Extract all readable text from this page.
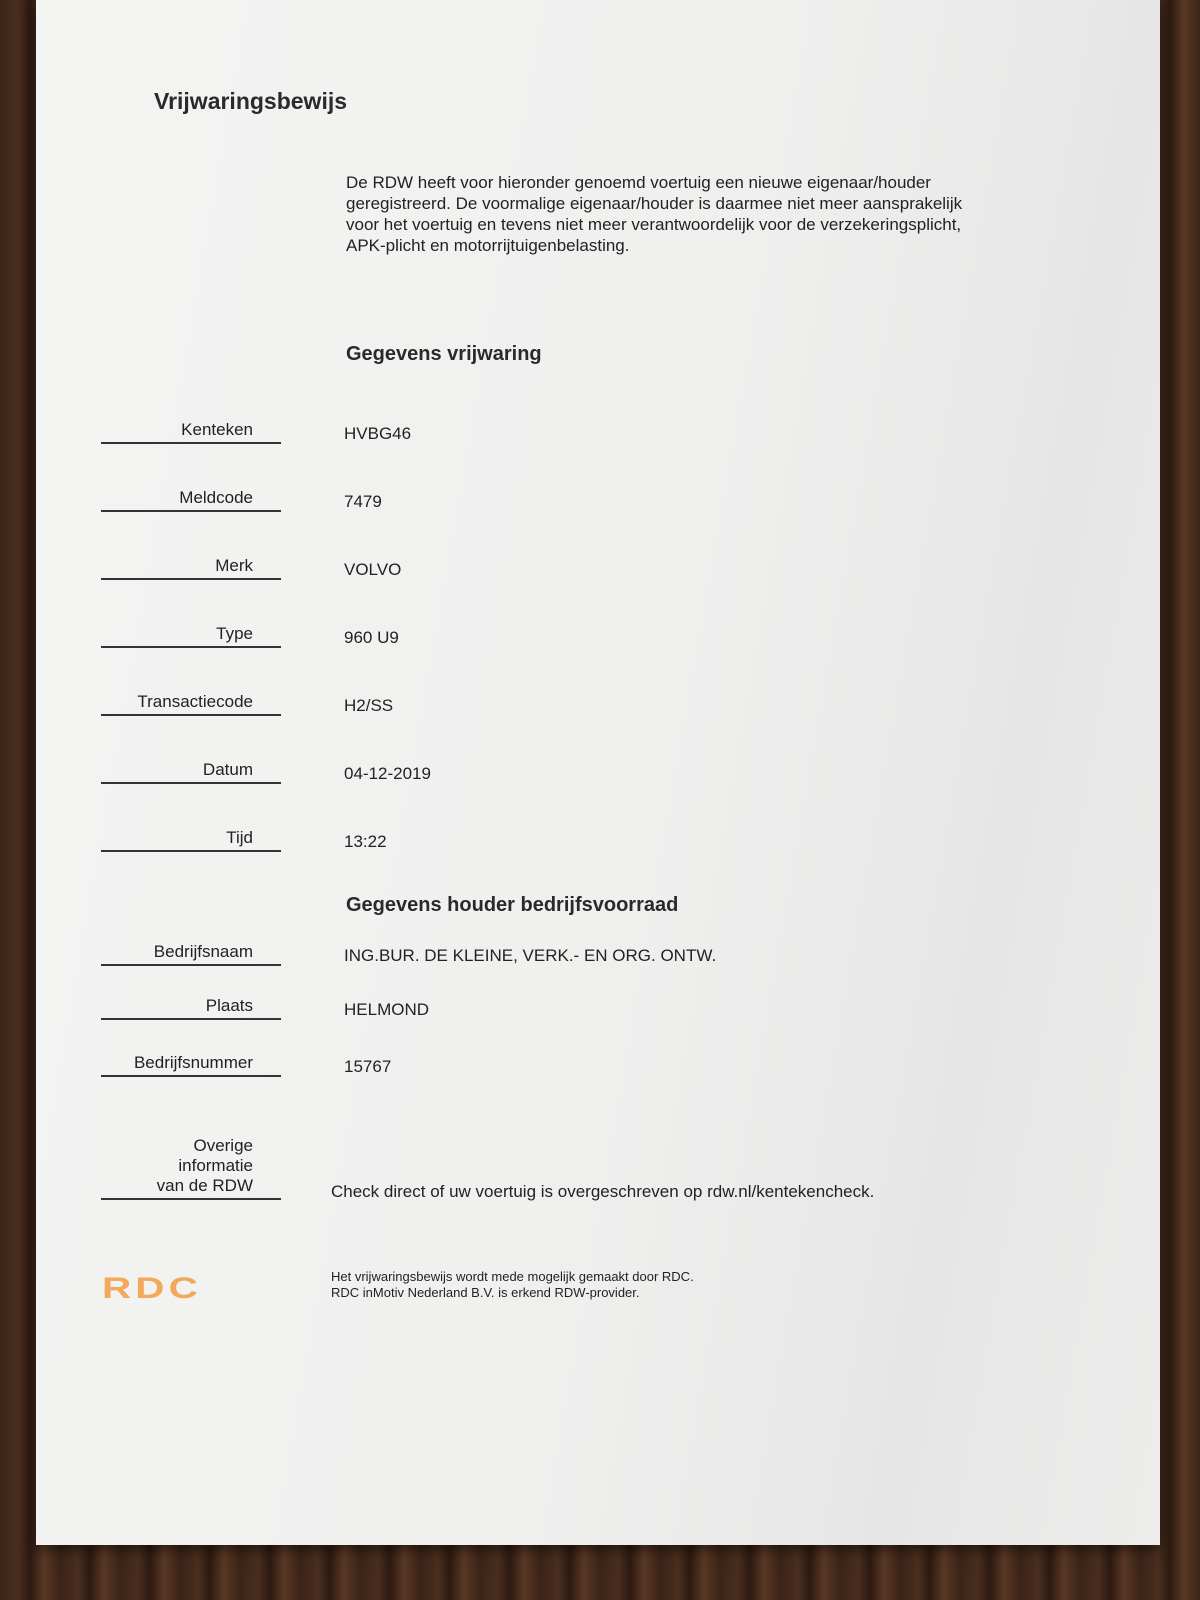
Vrijwaringsbewijs
De RDW heeft voor hieronder genoemd voertuig een nieuwe eigenaar/houder geregistreerd. De voormalige eigenaar/houder is daarmee niet meer aansprakelijk voor het voertuig en tevens niet meer verantwoordelijk voor de verzekeringsplicht, APK-plicht en motorrijtuigenbelasting.
Gegevens vrijwaring
Kenteken	HVBG46
Meldcode	7479
Merk	VOLVO
Type	960 U9
Transactiecode	H2/SS
Datum	04-12-2019
Tijd	13:22
Gegevens houder bedrijfsvoorraad
Bedrijfsnaam	ING.BUR. DE KLEINE, VERK.- EN ORG. ONTW.
Plaats	HELMOND
Bedrijfsnummer	15767
Overige
informatie
van de RDW	Check direct of uw voertuig is overgeschreven op rdw.nl/kentekencheck.
RDC	Het vrijwaringsbewijs wordt mede mogelijk gemaakt door RDC.
RDC inMotiv Nederland B.V. is erkend RDW-provider.
